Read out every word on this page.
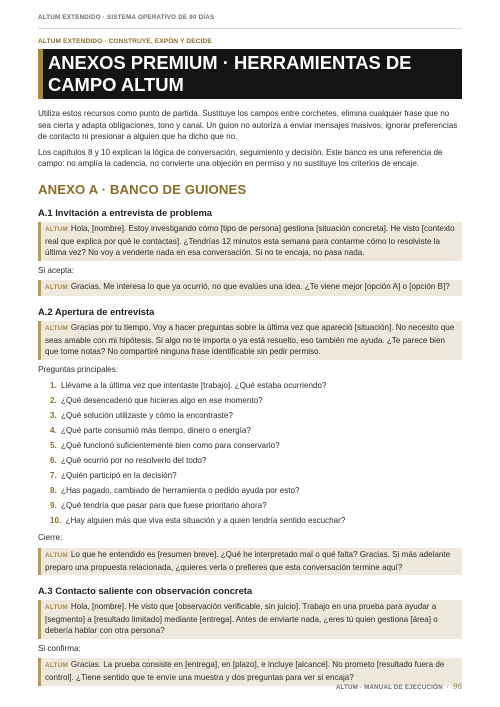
ALTUM EXTENDIDO · SISTEMA OPERATIVO DE 90 DÍAS
ALTUM EXTENDIDO · CONSTRUYE, EXPÓN Y DECIDE
ANEXOS PREMIUM · HERRAMIENTAS DE CAMPO ALTUM

Utiliza estos recursos como punto de partida. Sustituye los campos entre corchetes, elimina cualquier frase que no sea cierta y adapta obligaciones, tono y canal. Un guion no autoriza a enviar mensajes masivos, ignorar preferencias de contacto ni presionar a alguien que ha dicho que no.

Los capítulos 8 y 10 explican la lógica de conversación, seguimiento y decisión. Este banco es una referencia de campo: no amplía la cadencia, no convierte una objeción en permiso y no sustituye los criterios de encaje.

ANEXO A · BANCO DE GUIONES
A.1 Invitación a entrevista de problema
ALTUM Hola, [nombre]. Estoy investigando cómo [tipo de persona] gestiona [situación concreta]. He visto [contexto real que explica por qué le contactas]. ¿Tendrías 12 minutos esta semana para contarme cómo lo resolviste la última vez? No voy a venderte nada en esa conversación. Si no te encaja, no pasa nada.
Si acepta:
ALTUM Gracias. Me interesa lo que ya ocurrió, no que evalúes una idea. ¿Te viene mejor [opción A] o [opción B]?
A.2 Apertura de entrevista
ALTUM Gracias por tu tiempo. Voy a hacer preguntas sobre la última vez que apareció [situación]. No necesito que seas amable con mi hipótesis. Si algo no te importa o ya está resuelto, eso también me ayuda. ¿Te parece bien que tome notas? No compartiré ninguna frase identificable sin pedir permiso.
Preguntas principales:
1. Llévame a la última vez que intentaste [trabajo]. ¿Qué estaba ocurriendo?
2. ¿Qué desencadenó que hicieras algo en ese momento?
3. ¿Qué solución utilizaste y cómo la encontraste?
4. ¿Qué parte consumió más tiempo, dinero o energía?
5. ¿Qué funcionó suficientemente bien como para conservarlo?
6. ¿Qué ocurrió por no resolverlo del todo?
7. ¿Quién participó en la decisión?
8. ¿Has pagado, cambiado de herramienta o pedido ayuda por esto?
9. ¿Qué tendría que pasar para que fuese prioritario ahora?
10. ¿Hay alguien más que viva esta situación y a quien tendría sentido escuchar?
Cierre:
ALTUM Lo que he entendido es [resumen breve]. ¿Qué he interpretado mal o qué falta? Gracias. Si más adelante preparo una propuesta relacionada, ¿quieres verla o prefieres que esta conversación termine aquí?
A.3 Contacto saliente con observación concreta
ALTUM Hola, [nombre]. He visto que [observación verificable, sin juicio]. Trabajo en una prueba para ayudar a [segmento] a [resultado limitado] mediante [entrega]. Antes de enviarte nada, ¿eres tú quien gestiona [área] o debería hablar con otra persona?
Si confirma:
ALTUM Gracias. La prueba consiste en [entrega], en [plazo], e incluye [alcance]. No prometo [resultado fuera de control]. ¿Tiene sentido que te envíe una muestra y dos preguntas para ver si encaja?
ALTUM · MANUAL DE EJECUCIÓN · 96
